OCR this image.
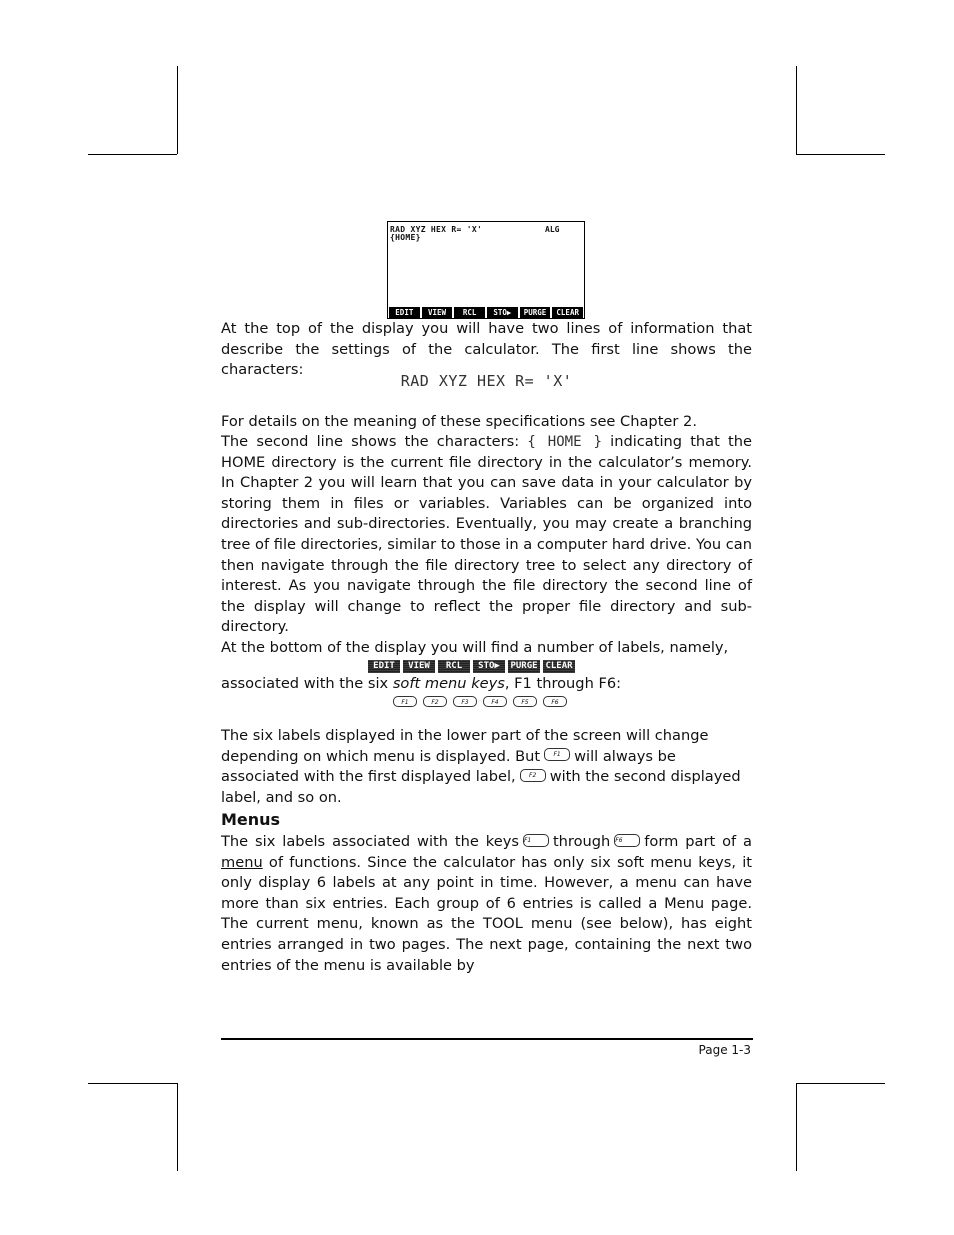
RAD XYZ HEX R= 'X'	ALG
{HOME}
EDIT	VIEW	RCL	STO▶	PURGE	CLEAR
At the top of the display you will have two lines of information that describe the settings of the calculator. The first line shows the characters:
RAD XYZ HEX R= 'X'
For details on the meaning of these specifications see Chapter 2.
The second line shows the characters: { HOME } indicating that the HOME directory is the current file directory in the calculator’s memory. In Chapter 2 you will learn that you can save data in your calculator by storing them in files or variables. Variables can be organized into directories and sub-directories. Eventually, you may create a branching tree of file directories, similar to those in a computer hard drive. You can then navigate through the file directory tree to select any directory of interest. As you navigate through the file directory the second line of the display will change to reflect the proper file directory and sub-directory.
At the bottom of the display you will find a number of labels, namely,
EDIT	VIEW	RCL	STO▶	PURGE CLEAR
associated with the six soft menu keys, F1 through F6:
F1	F2	F3	F4	F5	F6
The six labels displayed in the lower part of the screen will change depending on which menu is displayed. But F1 will always be associated with the first displayed label, F2 with the second displayed label, and so on.
Menus
The six labels associated with the keys F1 through F6 form part of a menu of functions. Since the calculator has only six soft menu keys, it only display 6 labels at any point in time. However, a menu can have more than six entries. Each group of 6 entries is called a Menu page. The current menu, known as the TOOL menu (see below), has eight entries arranged in two pages. The next page, containing the next two entries of the menu is available by
Page 1-3
